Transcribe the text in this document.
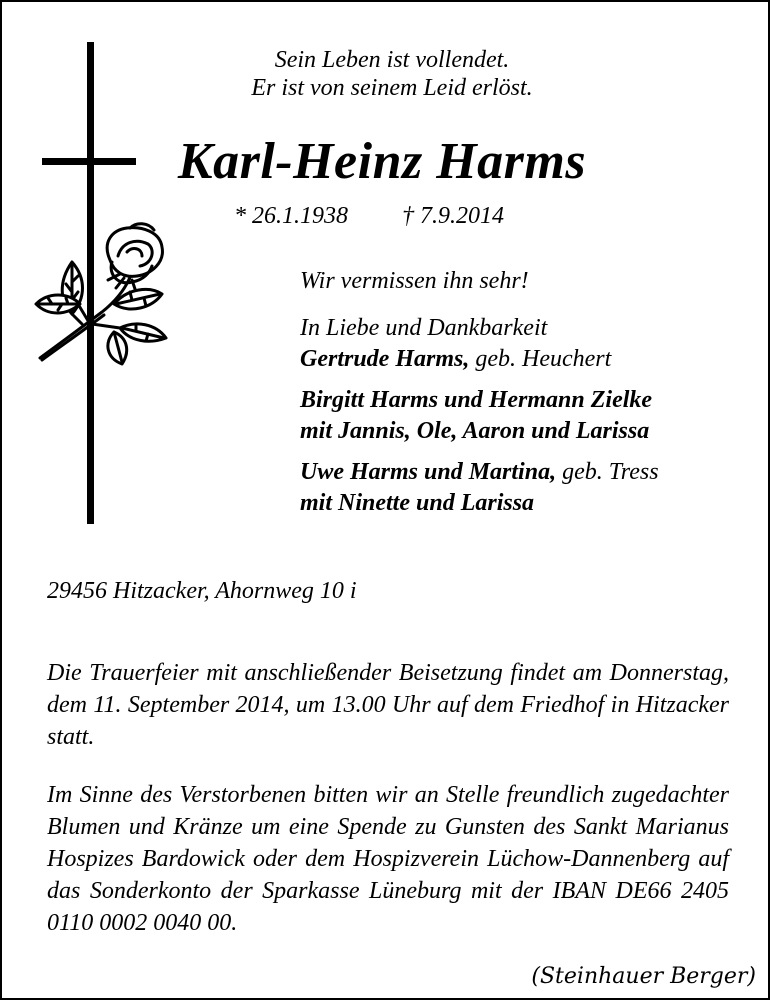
Sein Leben ist vollendet.
Er ist von seinem Leid erlöst.
Karl-Heinz Harms
* 26.1.1938 † 7.9.2014

Wir vermissen ihn sehr!

In Liebe und Dankbarkeit

Gertrude Harms, geb. Heuchert

Birgitt Harms und Hermann Zielke

mit Jannis, Ole, Aaron und Larissa

Uwe Harms und Martina, geb. Tress

mit Ninette und Larissa

29456 Hitzacker, Ahornweg 10 i
Die Trauerfeier mit anschließender Beisetzung findet am Donnerstag, dem 11. September 2014, um 13.00 Uhr auf dem Friedhof in Hitzacker statt.
Im Sinne des Verstorbenen bitten wir an Stelle freundlich zugedachter Blumen und Kränze um eine Spende zu Gunsten des Sankt Marianus Hospizes Bardowick oder dem Hospizverein Lüchow-Dannenberg auf das Sonderkonto der Sparkasse Lüneburg mit der IBAN DE66 2405 0110 0002 0040 00.
(Steinhauer Berger)
